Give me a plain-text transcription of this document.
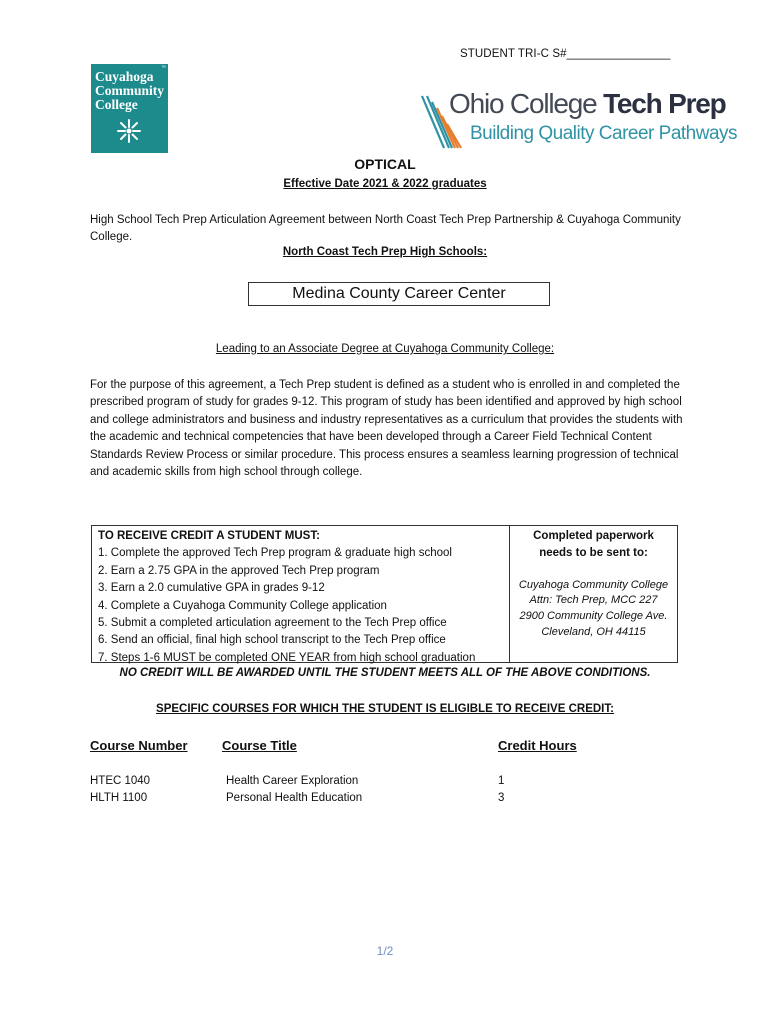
STUDENT TRI-C S#________________
™
Cuyahoga
Community
College	Ohio College Tech Prep
Building Quality Career Pathways
OPTICAL
Effective Date 2021 & 2022 graduates
High School Tech Prep Articulation Agreement between North Coast Tech Prep Partnership & Cuyahoga Community College.
North Coast Tech Prep High Schools:
Medina County Career Center
Leading to an Associate Degree at Cuyahoga Community College:
For the purpose of this agreement, a Tech Prep student is defined as a student who is enrolled in and completed the prescribed program of study for grades 9-12. This program of study has been identified and approved by high school and college administrators and business and industry representatives as a curriculum that provides the students with the academic and technical competencies that have been developed through a Career Field Technical Content Standards Review Process or similar procedure. This process ensures a seamless learning progression of technical and academic skills from high school through college.
TO RECEIVE CREDIT A STUDENT MUST:
1. Complete the approved Tech Prep program & graduate high school
2. Earn a 2.75 GPA in the approved Tech Prep program
3. Earn a 2.0 cumulative GPA in grades 9-12
4. Complete a Cuyahoga Community College application
5. Submit a completed articulation agreement to the Tech Prep office
6. Send an official, final high school transcript to the Tech Prep office
7. Steps 1-6 MUST be completed ONE YEAR from high school graduation
Completed paperwork
needs to be sent to:
Cuyahoga Community College
Attn: Tech Prep, MCC 227
2900 Community College Ave.
Cleveland, OH 44115
NO CREDIT WILL BE AWARDED UNTIL THE STUDENT MEETS ALL OF THE ABOVE CONDITIONS.
SPECIFIC COURSES FOR WHICH THE STUDENT IS ELIGIBLE TO RECEIVE CREDIT:
Course Number	Course Title	Credit Hours
HTEC 1040	Health Career Exploration	1
HLTH 1100	Personal Health Education	3
1/2
